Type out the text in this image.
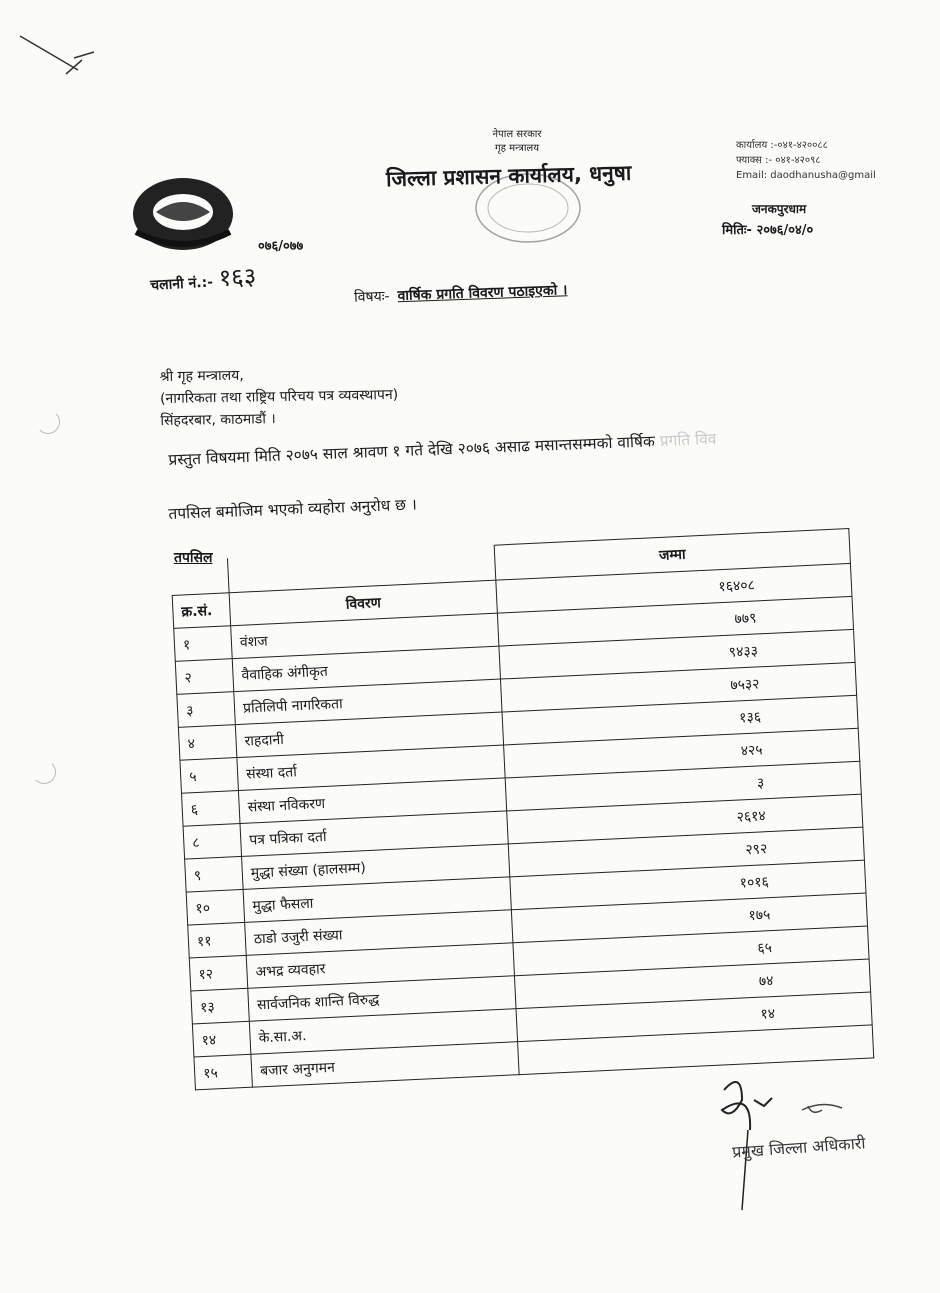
नेपाल सरकार
गृह मन्त्रालय
जिल्ला प्रशासन कार्यालय, धनुषा
कार्यालय :-०४१-४२००८८
फ्याक्स :- ०४१-४२०९८
Email: daodhanusha@gmail
जनकपुरधाम
मितिः- २०७६/०४/०
०७६/०७७
चलानी नं.:- १६३
विषयः- वार्षिक प्रगति विवरण पठाइएको ।
श्री गृह मन्त्रालय,
(नागरिकता तथा राष्ट्रिय परिचय पत्र व्यवस्थापन)
सिंहदरबार, काठमाडौं ।
प्रस्तुत विषयमा मिति २०७५ साल श्रावण १ गते देखि २०७६ असाढ मसान्तसम्मको वार्षिक प्रगति विव
तपसिल बमोजिम भएको व्यहोरा अनुरोध छ ।
तपसिल
			जम्मा
क्र.सं.	विवरण	१६४०८
१	वंशज	७७९
२	वैवाहिक अंगीकृत	९४३३
३	प्रतिलिपी नागरिकता	७५३२
४	राहदानी	१३६
५	संस्था दर्ता	४२५
६	संस्था नविकरण	३
८	पत्र पत्रिका दर्ता	२६१४
९	मुद्धा संख्या (हालसम्म)	२९२
१०	मुद्धा फैसला	१०१६
११	ठाडो उजुरी संख्या	१७५
१२	अभद्र व्यवहार	६५
१३	सार्वजनिक शान्ति विरुद्ध	७४
१४	के.सा.अ.	१४
१५	बजार अनुगमन	
प्रमुख जिल्ला अधिकारी
